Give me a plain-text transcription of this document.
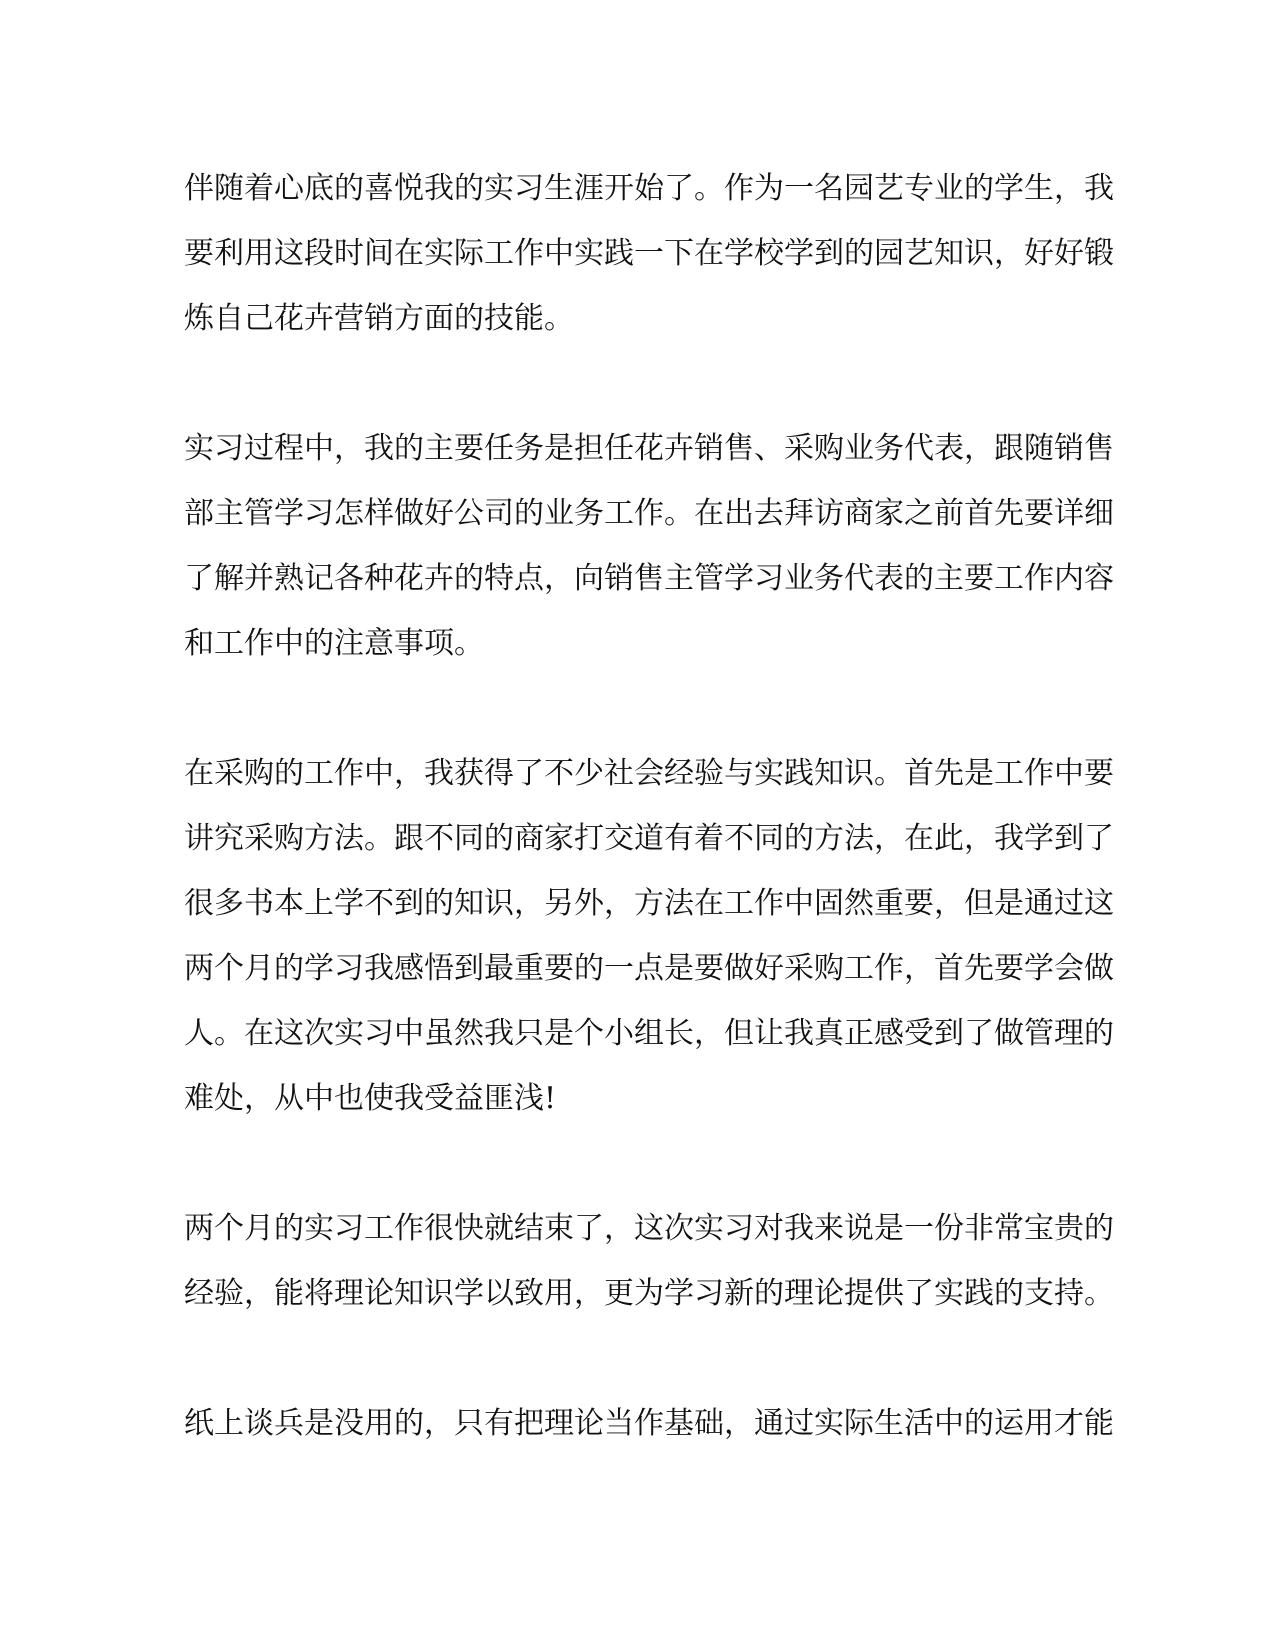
伴随着心底的喜悦我的实习生涯开始了。作为一名园艺专业的学生，我
要利用这段时间在实际工作中实践一下在学校学到的园艺知识，好好锻
炼自己花卉营销方面的技能。

实习过程中，我的主要任务是担任花卉销售、采购业务代表，跟随销售
部主管学习怎样做好公司的业务工作。在出去拜访商家之前首先要详细
了解并熟记各种花卉的特点，向销售主管学习业务代表的主要工作内容
和工作中的注意事项。

在采购的工作中，我获得了不少社会经验与实践知识。首先是工作中要
讲究采购方法。跟不同的商家打交道有着不同的方法，在此，我学到了
很多书本上学不到的知识，另外，方法在工作中固然重要，但是通过这
两个月的学习我感悟到最重要的一点是要做好采购工作，首先要学会做
人。在这次实习中虽然我只是个小组长，但让我真正感受到了做管理的
难处，从中也使我受益匪浅!

两个月的实习工作很快就结束了，这次实习对我来说是一份非常宝贵的
经验，能将理论知识学以致用，更为学习新的理论提供了实践的支持。

纸上谈兵是没用的，只有把理论当作基础，通过实际生活中的运用才能
